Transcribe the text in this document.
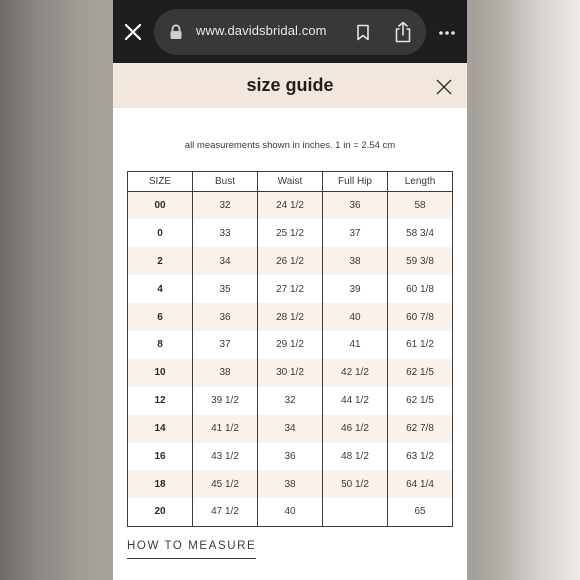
www.davidsbridal.com
size guide
all measurements shown in inches. 1 in = 2.54 cm
SIZE	Bust	Waist	Full Hip	Length
00	32	24 1/2	36	58
0	33	25 1/2	37	58 3/4
2	34	26 1/2	38	59 3/8
4	35	27 1/2	39	60 1/8
6	36	28 1/2	40	60 7/8
8	37	29 1/2	41	61 1/2
10	38	30 1/2	42 1/2	62 1/5
12	39 1/2	32	44 1/2	62 1/5
14	41 1/2	34	46 1/2	62 7/8
16	43 1/2	36	48 1/2	63 1/2
18	45 1/2	38	50 1/2	64 1/4
20	47 1/2	40		65
HOW TO MEASURE
